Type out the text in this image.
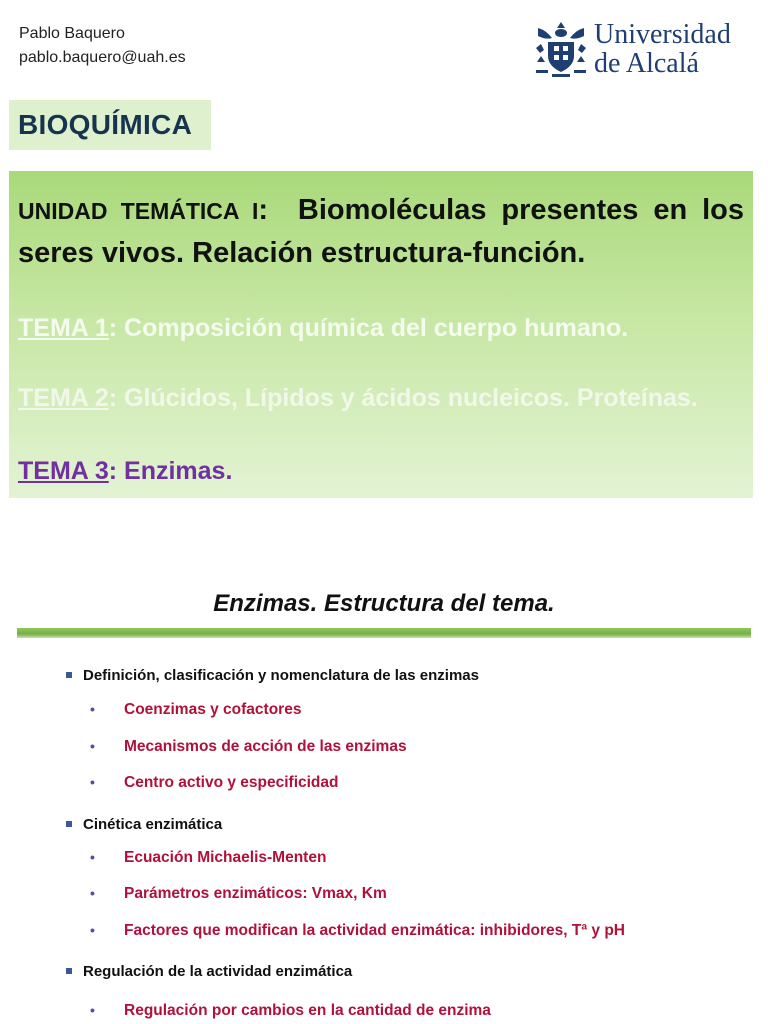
Pablo Baquero
pablo.baquero@uah.es
Universidad
de Alcalá
BIOQUÍMICA
UNIDAD TEMÁTICA I: Biomoléculas presentes en los seres vivos. Relación estructura-función.
TEMA 1: Composición química del cuerpo humano.
TEMA 2: Glúcidos, Lípidos y ácidos nucleicos. Proteínas.
TEMA 3: Enzimas.
Enzimas. Estructura del tema.
Definición, clasificación y nomenclatura de las enzimas
• Coenzimas y cofactores
• Mecanismos de acción de las enzimas
• Centro activo y especificidad
Cinética enzimática
• Ecuación Michaelis-Menten
• Parámetros enzimáticos: Vmax, Km
• Factores que modifican la actividad enzimática: inhibidores, Tª y pH
Regulación de la actividad enzimática
• Regulación por cambios en la cantidad de enzima
